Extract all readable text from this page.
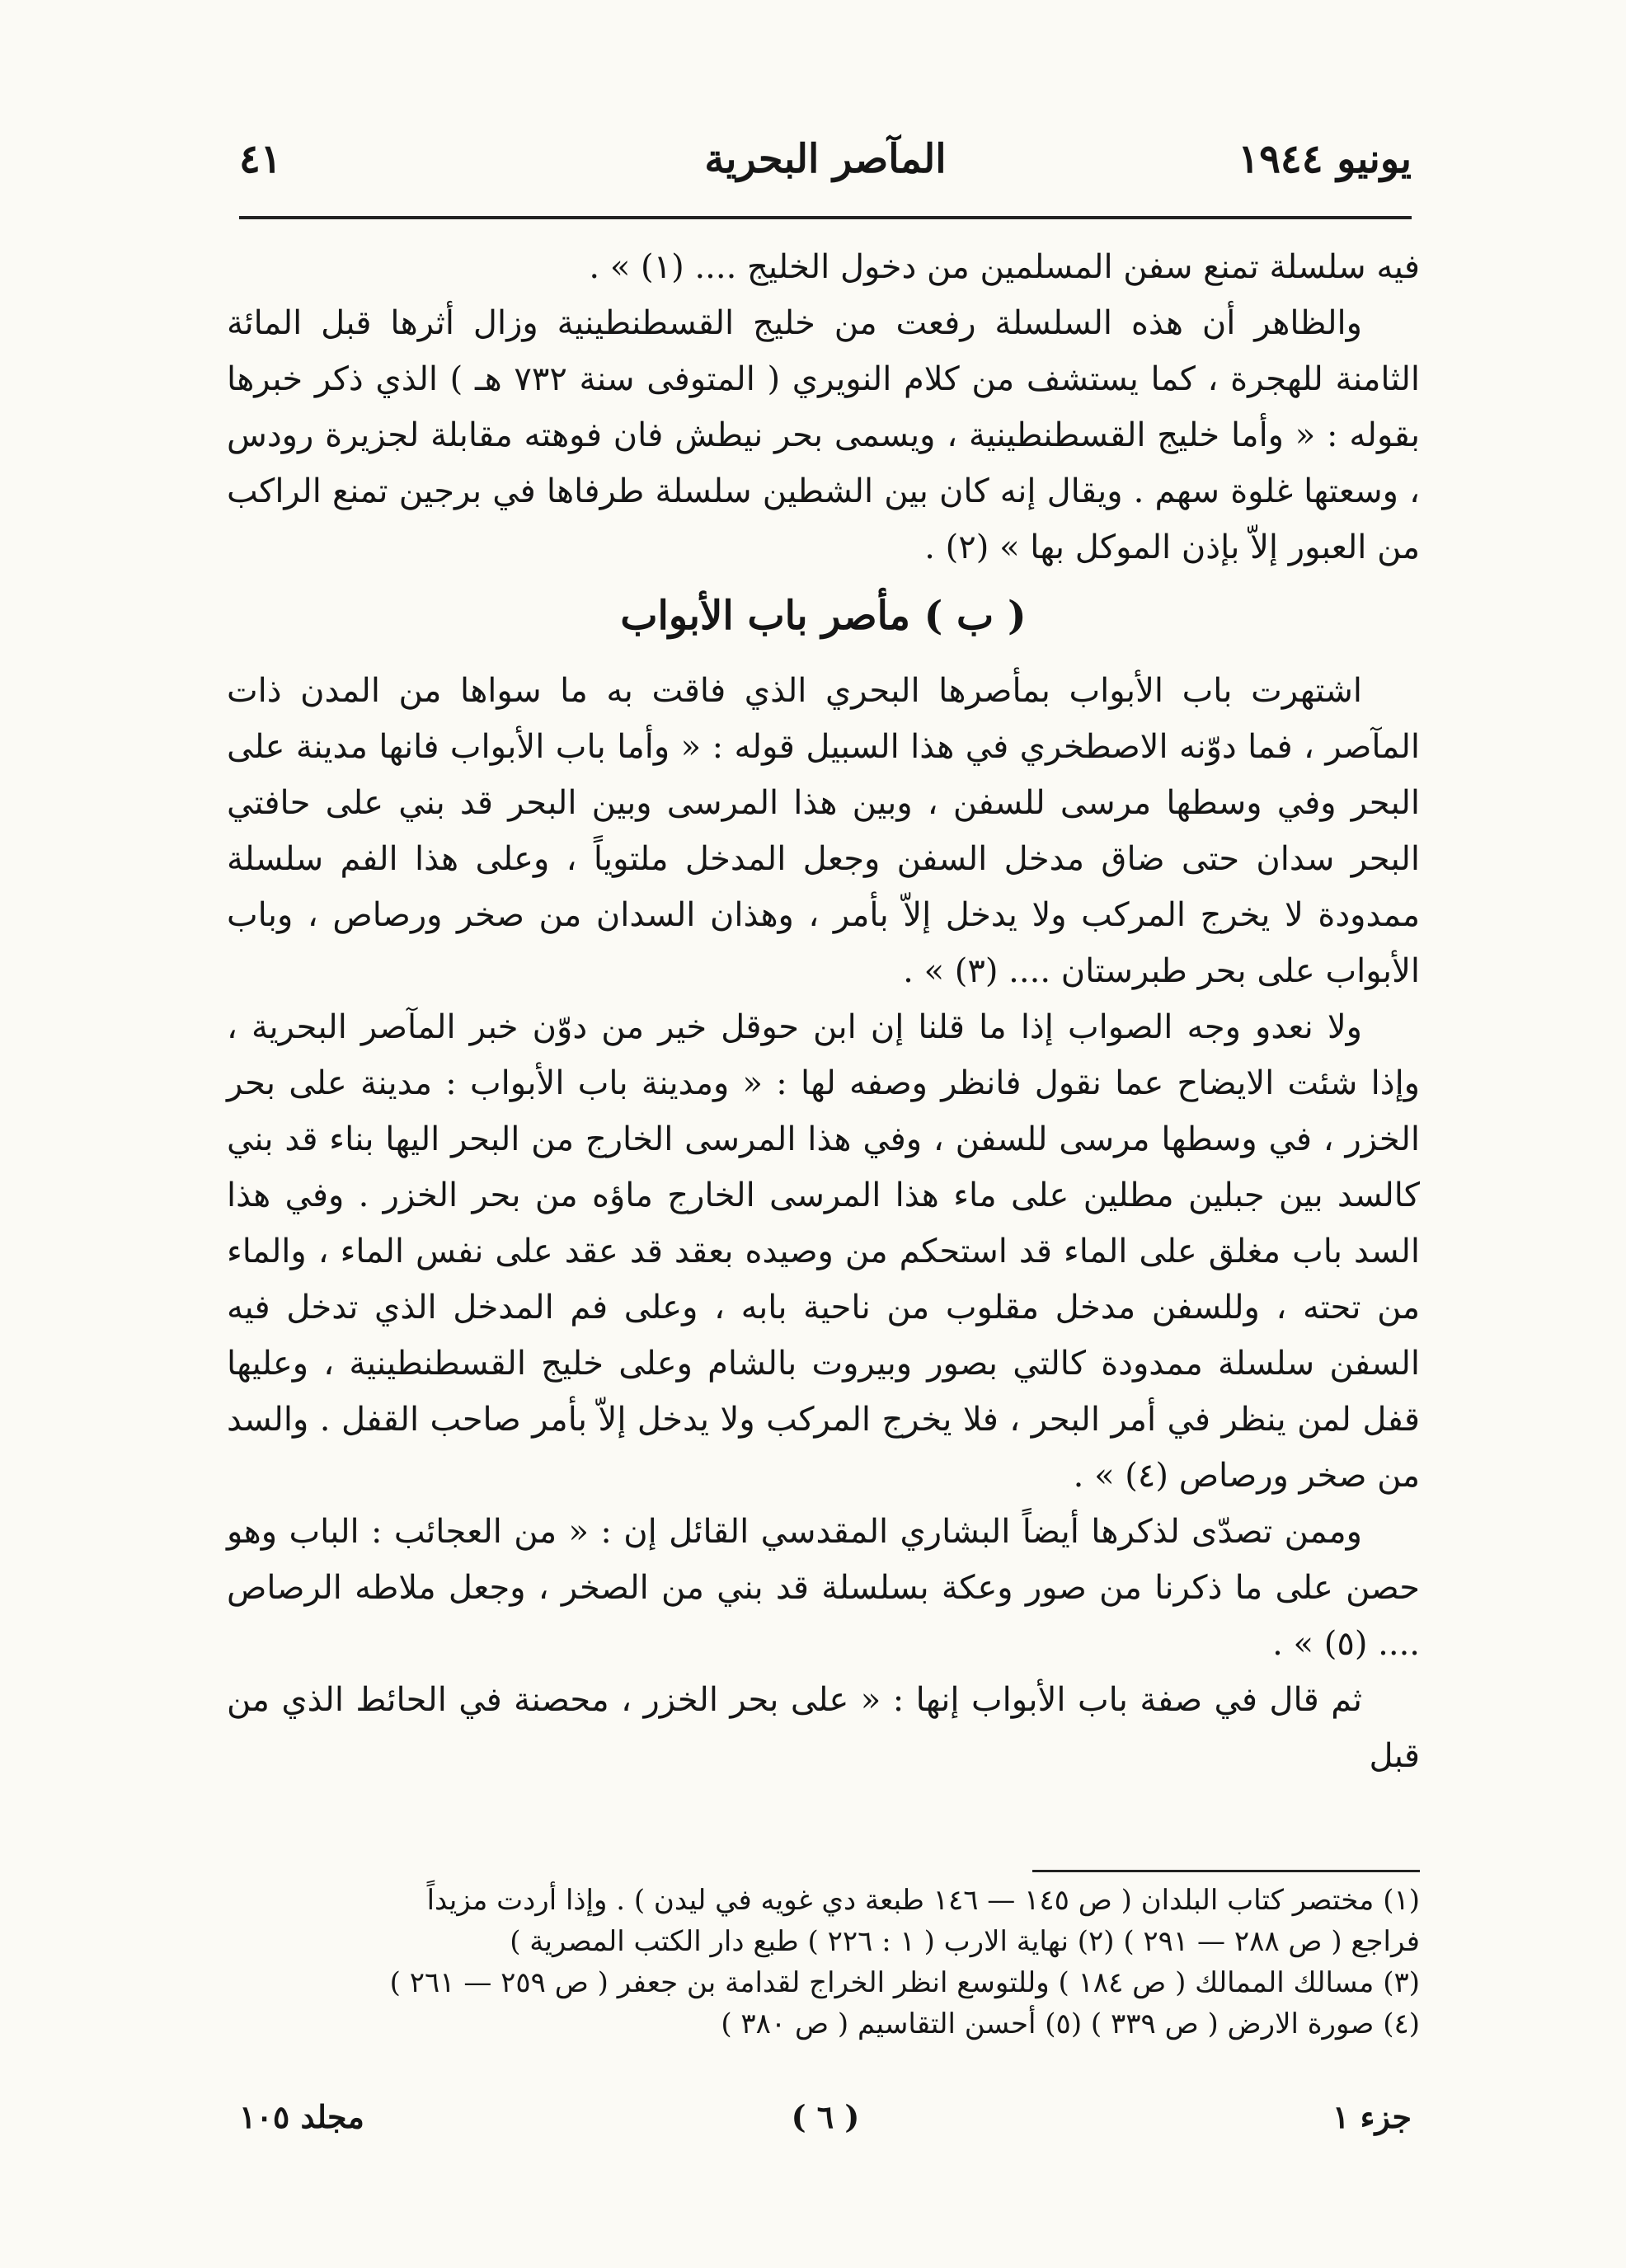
يونيو ١٩٤٤
المآصر البحرية
٤١

فيه سلسلة تمنع سفن المسلمين من دخول الخليج .... (١) » .

والظاهر أن هذه السلسلة رفعت من خليج القسطنطينية وزال أثرها قبل المائة الثامنة للهجرة ، كما يستشف من كلام النويري ( المتوفى سنة ٧٣٢ هـ ) الذي ذكر خبرها بقوله : « وأما خليج القسطنطينية ، ويسمى بحر نيطش فان فوهته مقابلة لجزيرة رودس ، وسعتها غلوة سهم . ويقال إنه كان بين الشطين سلسلة طرفاها في برجين تمنع الراكب من العبور إلاّ بإذن الموكل بها » (٢) .

( ب ) مأصر باب الأبواب

اشتهرت باب الأبواب بمأصرها البحري الذي فاقت به ما سواها من المدن ذات المآصر ، فما دوّنه الاصطخري في هذا السبيل قوله : « وأما باب الأبواب فانها مدينة على البحر وفي وسطها مرسى للسفن ، وبين هذا المرسى وبين البحر قد بني على حافتي البحر سدان حتى ضاق مدخل السفن وجعل المدخل ملتوياً ، وعلى هذا الفم سلسلة ممدودة لا يخرج المركب ولا يدخل إلاّ بأمر ، وهذان السدان من صخر ورصاص ، وباب الأبواب على بحر طبرستان .... (٣) » .

ولا نعدو وجه الصواب إذا ما قلنا إن ابن حوقل خير من دوّن خبر المآصر البحرية ، وإذا شئت الايضاح عما نقول فانظر وصفه لها : « ومدينة باب الأبواب : مدينة على بحر الخزر ، في وسطها مرسى للسفن ، وفي هذا المرسى الخارج من البحر اليها بناء قد بني كالسد بين جبلين مطلين على ماء هذا المرسى الخارج ماؤه من بحر الخزر . وفي هذا السد باب مغلق على الماء قد استحكم من وصيده بعقد قد عقد على نفس الماء ، والماء من تحته ، وللسفن مدخل مقلوب من ناحية بابه ، وعلى فم المدخل الذي تدخل فيه السفن سلسلة ممدودة كالتي بصور وبيروت بالشام وعلى خليج القسطنطينية ، وعليها قفل لمن ينظر في أمر البحر ، فلا يخرج المركب ولا يدخل إلاّ بأمر صاحب القفل . والسد من صخر ورصاص (٤) » .

وممن تصدّى لذكرها أيضاً البشاري المقدسي القائل إن : « من العجائب : الباب وهو حصن على ما ذكرنا من صور وعكة بسلسلة قد بني من الصخر ، وجعل ملاطه الرصاص .... (٥) » .

ثم قال في صفة باب الأبواب إنها : « على بحر الخزر ، محصنة في الحائط الذي من قبل

(١) مختصر كتاب البلدان ( ص ١٤٥ — ١٤٦ طبعة دي غويه في ليدن ) . وإذا أردت مزيداً
فراجع ( ص ٢٨٨ — ٢٩١ ) (٢) نهاية الارب ( ١ : ٢٢٦ ) طبع دار الكتب المصرية )
(٣) مسالك الممالك ( ص ١٨٤ ) وللتوسع انظر الخراج لقدامة بن جعفر ( ص ٢٥٩ — ٢٦١ )
(٤) صورة الارض ( ص ٣٣٩ ) (٥) أحسن التقاسيم ( ص ٣٨٠ )
جزء ١
( ٦ )
مجلد ١٠٥
